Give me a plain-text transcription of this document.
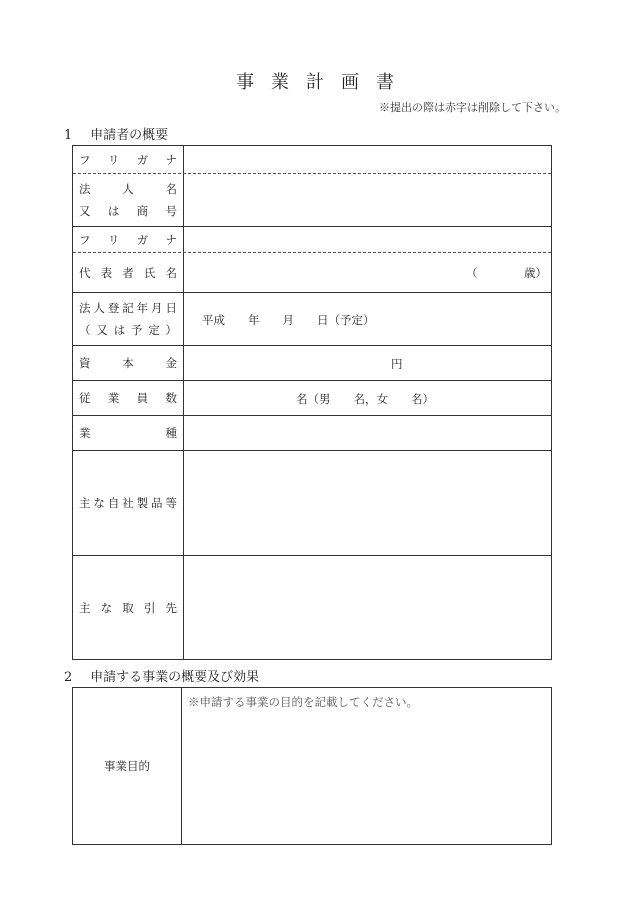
事業計画書
※提出の際は赤字は削除して下さい。
1 申請者の概要
フ リ ガ ナ
法	人	名
又 は 商 号
フ リ ガ ナ
代 表 者 氏 名	（	歳）
法 人 登 記 年 月 日
（ 又 は 予 定 ）
平成　　年　　月　　日（予定）
資	本	金	円
従 業 員 数	名（男　　名，女　　名）
業	種
主 な 自 社 製 品 等
主 な 取 引 先
2 申請する事業の概要及び効果
事業目的
※申請する事業の目的を記載してください。
